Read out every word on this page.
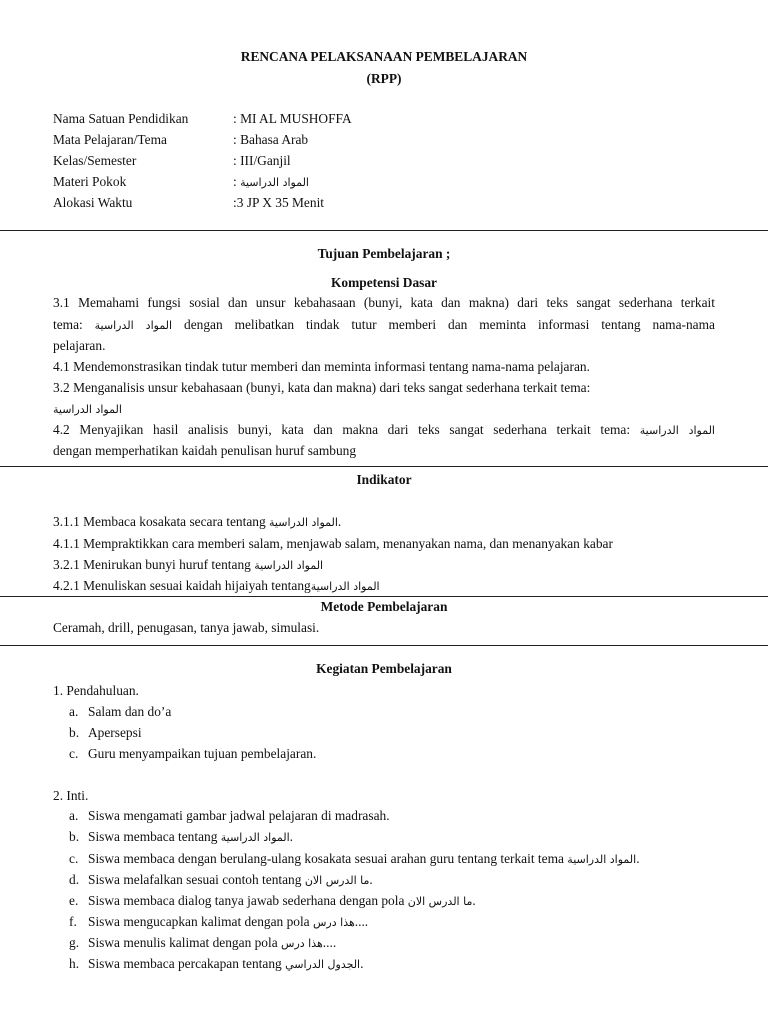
RENCANA PELAKSANAAN PEMBELAJARAN
(RPP)
Nama Satuan Pendidikan	: MI AL MUSHOFFA
Mata Pelajaran/Tema	: Bahasa Arab
Kelas/Semester	: III/Ganjil
Materi Pokok	: المواد الدراسية
Alokasi Waktu	:3 JP X 35 Menit
Tujuan Pembelajaran ;
Kompetensi Dasar
3.1 Memahami fungsi sosial dan unsur kebahasaan (bunyi, kata dan makna) dari teks sangat sederhana terkait
tema: المواد الدراسية dengan melibatkan tindak tutur memberi dan meminta informasi tentang nama-nama
pelajaran.
4.1 Mendemonstrasikan tindak tutur memberi dan meminta informasi tentang nama-nama pelajaran.
3.2 Menganalisis unsur kebahasaan (bunyi, kata dan makna) dari teks sangat sederhana terkait tema:
المواد الدراسية
4.2 Menyajikan hasil analisis bunyi, kata dan makna dari teks sangat sederhana terkait tema: المواد الدراسية
dengan memperhatikan kaidah penulisan huruf sambung
Indikator
3.1.1 Membaca kosakata secara tentang المواد الدراسية.
4.1.1 Mempraktikkan cara memberi salam, menjawab salam, menanyakan nama, dan menanyakan kabar
3.2.1 Menirukan bunyi huruf tentang المواد الدراسية
4.2.1 Menuliskan sesuai kaidah hijaiyah tentangالمواد الدراسية
Metode Pembelajaran
Ceramah, drill, penugasan, tanya jawab, simulasi.
Kegiatan Pembelajaran
1. Pendahuluan.
a. Salam dan do’a
b. Apersepsi
c. Guru menyampaikan tujuan pembelajaran.
2. Inti.
a. Siswa mengamati gambar jadwal pelajaran di madrasah.
b. Siswa membaca tentang المواد الدراسية.
c. Siswa membaca dengan berulang-ulang kosakata sesuai arahan guru tentang terkait tema المواد الدراسية.
d. Siswa melafalkan sesuai contoh tentang ما الدرس الان.
e. Siswa membaca dialog tanya jawab sederhana dengan pola ما الدرس الان.
f. Siswa mengucapkan kalimat dengan pola هذا درس....
g. Siswa menulis kalimat dengan pola هذا درس....
h. Siswa membaca percakapan tentang الجدول الدراسي.
